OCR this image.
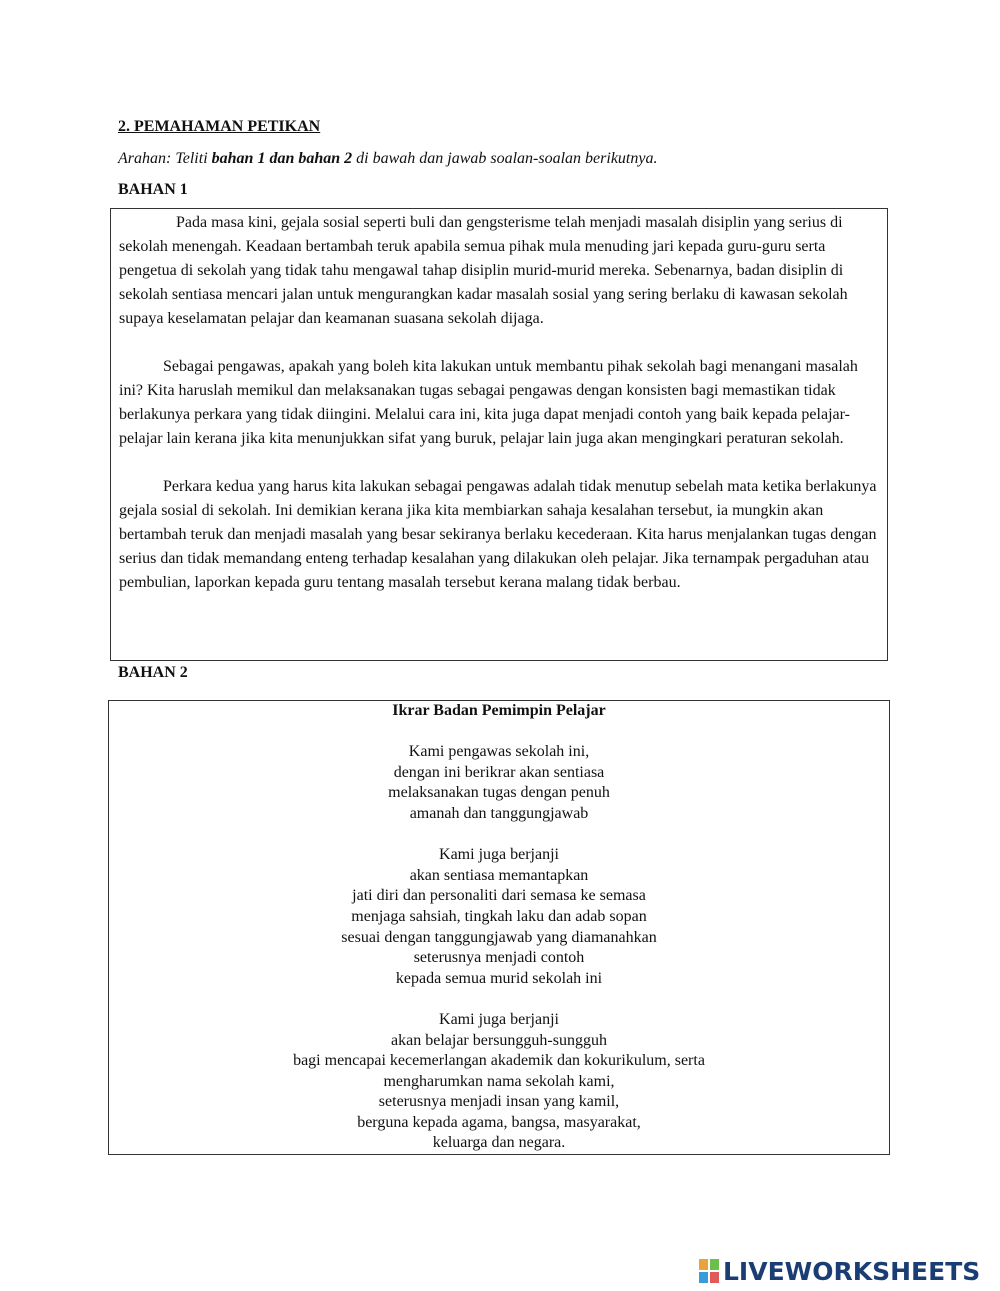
2. PEMAHAMAN PETIKAN
Arahan: Teliti bahan 1 dan bahan 2 di bawah dan jawab soalan-soalan berikutnya.
BAHAN 1

Pada masa kini, gejala sosial seperti buli dan gengsterisme telah menjadi masalah disiplin yang serius di sekolah menengah. Keadaan bertambah teruk apabila semua pihak mula menuding jari kepada guru-guru serta pengetua di sekolah yang tidak tahu mengawal tahap disiplin murid-murid mereka. Sebenarnya, badan disiplin di sekolah sentiasa mencari jalan untuk mengurangkan kadar masalah sosial yang sering berlaku di kawasan sekolah supaya keselamatan pelajar dan keamanan suasana sekolah dijaga.

Sebagai pengawas, apakah yang boleh kita lakukan untuk membantu pihak sekolah bagi menangani masalah ini? Kita haruslah memikul dan melaksanakan tugas sebagai pengawas dengan konsisten bagi memastikan tidak berlakunya perkara yang tidak diingini. Melalui cara ini, kita juga dapat menjadi contoh yang baik kepada pelajar- pelajar lain kerana jika kita menunjukkan sifat yang buruk, pelajar lain juga akan mengingkari peraturan sekolah.

Perkara kedua yang harus kita lakukan sebagai pengawas adalah tidak menutup sebelah mata ketika berlakunya gejala sosial di sekolah. Ini demikian kerana jika kita membiarkan sahaja kesalahan tersebut, ia mungkin akan bertambah teruk dan menjadi masalah yang besar sekiranya berlaku kecederaan. Kita harus menjalankan tugas dengan serius dan tidak memandang enteng terhadap kesalahan yang dilakukan oleh pelajar. Jika ternampak pergaduhan atau pembulian, laporkan kepada guru tentang masalah tersebut kerana malang tidak berbau.

BAHAN 2
Ikrar Badan Pemimpin Pelajar
Kami pengawas sekolah ini,
dengan ini berikrar akan sentiasa
melaksanakan tugas dengan penuh
amanah dan tanggungjawab
Kami juga berjanji
akan sentiasa memantapkan
jati diri dan personaliti dari semasa ke semasa
menjaga sahsiah, tingkah laku dan adab sopan
sesuai dengan tanggungjawab yang diamanahkan
seterusnya menjadi contoh
kepada semua murid sekolah ini
Kami juga berjanji
akan belajar bersungguh-sungguh
bagi mencapai kecemerlangan akademik dan kokurikulum, serta
mengharumkan nama sekolah kami,
seterusnya menjadi insan yang kamil,
berguna kepada agama, bangsa, masyarakat,
keluarga dan negara.
LIVEWORKSHEETS
